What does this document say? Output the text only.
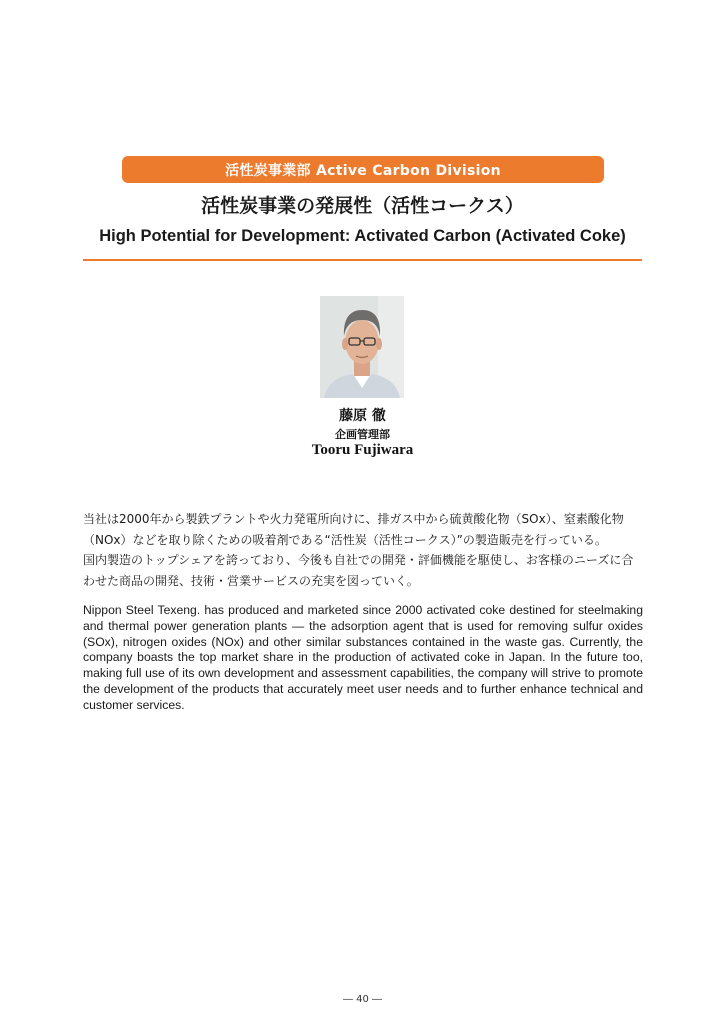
活性炭事業部 Active Carbon Division
活性炭事業の発展性（活性コークス）
High Potential for Development: Activated Carbon (Activated Coke)
藤原 徹
企画管理部
Tooru Fujiwara

当社は2000年から製鉄プラントや火力発電所向けに、排ガス中から硫黄酸化物（SOx）、窒素酸化物（NOx）などを取り除くための吸着剤である“活性炭（活性コークス）”の製造販売を行っている。

国内製造のトップシェアを誇っており、今後も自社での開発・評価機能を駆使し、お客様のニーズに合わせた商品の開発、技術・営業サービスの充実を図っていく。

Nippon Steel Texeng. has produced and marketed since 2000 activated coke destined for steelmaking and thermal power generation plants — the adsorption agent that is used for removing sulfur oxides (SOx), nitrogen oxides (NOx) and other similar substances contained in the waste gas. Currently, the company boasts the top market share in the production of activated coke in Japan. In the future too, making full use of its own development and assessment capabilities, the company will strive to promote the development of the products that accurately meet user needs and to further enhance technical and customer services.
― 40 ―
